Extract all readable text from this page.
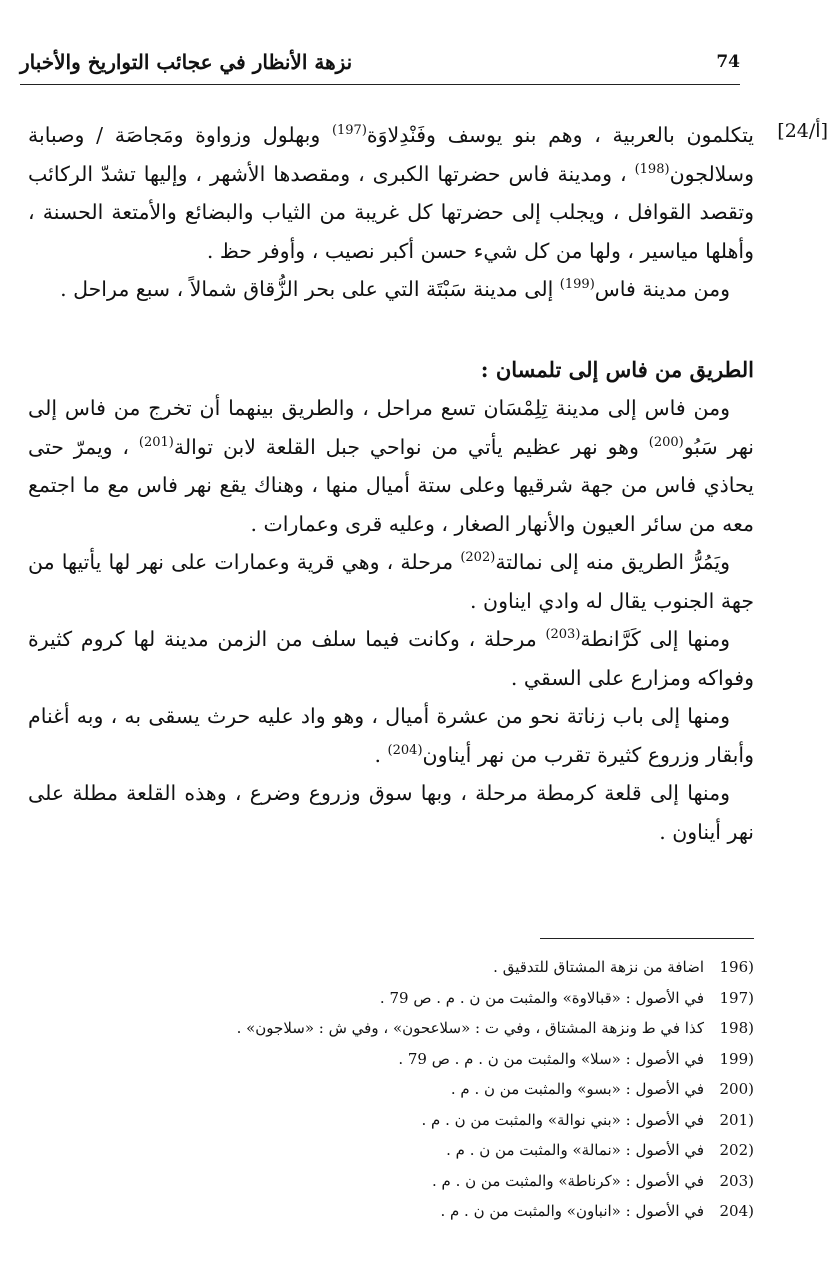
74
نزهة الأنظار في عجائب التواريخ والأخبار
[24/أ]

يتكلمون بالعربية ، وهم بنو يوسف وفَنْدِلاوَة$^{(197)}$ وبهلول وزواوة ومَجاصَة / وصبابة وسلالجون$^{(198)}$ ، ومدينة فاس حضرتها الكبرى ، ومقصدها الأشهر ، وإليها تشدّ الركائب وتقصد القوافل ، ويجلب إلى حضرتها كل غريبة من الثياب والبضائع والأمتعة الحسنة ، وأهلها مياسير ، ولها من كل شيء حسن أكبر نصيب ، وأوفر حظ .

ومن مدينة فاس$^{(199)}$ إلى مدينة سَبْتَة التي على بحر الزُّقاق شمالاً ، سبع مراحل .

الطريق من فاس إلى تلمسان :

ومن فاس إلى مدينة تِلِمْسَان تسع مراحل ، والطريق بينهما أن تخرج من فاس إلى نهر سَبُو$^{(200)}$ وهو نهر عظيم يأتي من نواحي جبل القلعة لابن توالة$^{(201)}$ ، ويمرّ حتى يحاذي فاس من جهة شرقيها وعلى ستة أميال منها ، وهناك يقع نهر فاس مع ما اجتمع معه من سائر العيون والأنهار الصغار ، وعليه قرى وعمارات .

ويَمُرُّ الطريق منه إلى نمالتة$^{(202)}$ مرحلة ، وهي قرية وعمارات على نهر لها يأتيها من جهة الجنوب يقال له وادي ايناون .

ومنها إلى كَرَّانطة$^{(203)}$ مرحلة ، وكانت فيما سلف من الزمن مدينة لها كروم كثيرة وفواكه ومزارع على السقي .

ومنها إلى باب زناتة نحو من عشرة أميال ، وهو واد عليه حرث يسقى به ، وبه أغنام وأبقار وزروع كثيرة تقرب من نهر أيناون$^{(204)}$ .

ومنها إلى قلعة كرمطة مرحلة ، وبها سوق وزروع وضرع ، وهذه القلعة مطلة على نهر أيناون .

196)
اضافة من نزهة المشتاق للتدقيق .
197)
في الأصول : «قبالاوة» والمثبت من ن . م . ص 79 .
198)
كذا في ط ونزهة المشتاق ، وفي ت : «سلاعحون» ، وفي ش : «سلاجون» .
199)
في الأصول : «سلا» والمثبت من ن . م . ص 79 .
200)
في الأصول : «بسو» والمثبت من ن . م .
201)
في الأصول : «بني نوالة» والمثبت من ن . م .
202)
في الأصول : «نمالة» والمثبت من ن . م .
203)
في الأصول : «كرناطة» والمثبت من ن . م .
204)
في الأصول : «انباون» والمثبت من ن . م .
